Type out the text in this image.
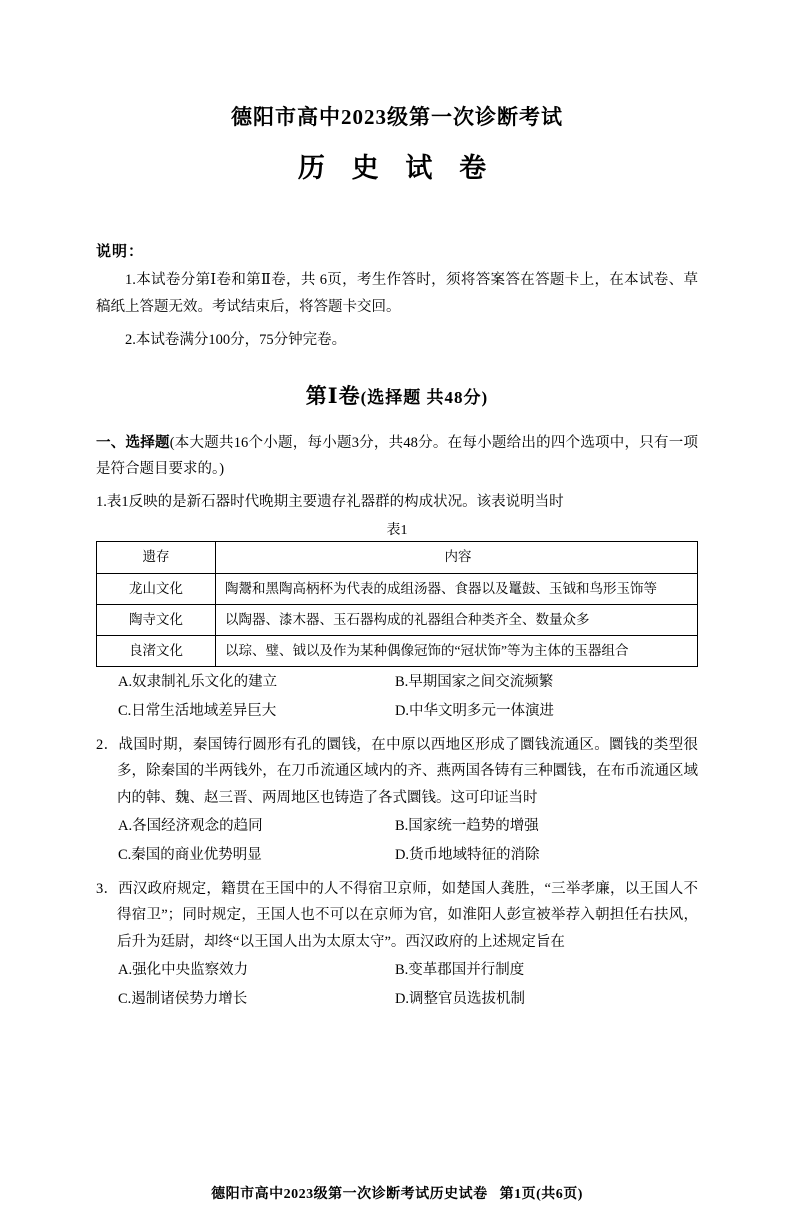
德阳市高中2023级第一次诊断考试
历 史 试 卷
说明：
1.本试卷分第Ⅰ卷和第Ⅱ卷，共 6页，考生作答时，须将答案答在答题卡上，在本试卷、草稿纸上答题无效。考试结束后，将答题卡交回。
2.本试卷满分100分，75分钟完卷。
第Ⅰ卷(选择题 共48分)
一、选择题(本大题共16个小题，每小题3分，共48分。在每小题给出的四个选项中，只有一项是符合题目要求的。)
1.表1反映的是新石器时代晚期主要遗存礼器群的构成状况。该表说明当时
表1
遗存	内容
龙山文化	陶鬶和黑陶高柄杯为代表的成组汤器、食器以及鼍鼓、玉钺和鸟形玉饰等
陶寺文化	以陶器、漆木器、玉石器构成的礼器组合种类齐全、数量众多
良渚文化	以琮、璧、钺以及作为某种偶像冠饰的“冠状饰”等为主体的玉器组合
A.奴隶制礼乐文化的建立	B.早期国家之间交流频繁
C.日常生活地域差异巨大	D.中华文明多元一体演进
2．战国时期，秦国铸行圆形有孔的圜钱，在中原以西地区形成了圜钱流通区。圜钱的类型很多，除秦国的半两钱外，在刀币流通区域内的齐、燕两国各铸有三种圜钱，在布币流通区域内的韩、魏、赵三晋、两周地区也铸造了各式圜钱。这可印证当时
A.各国经济观念的趋同	B.国家统一趋势的增强
C.秦国的商业优势明显	D.货币地域特征的消除
3．西汉政府规定，籍贯在王国中的人不得宿卫京师，如楚国人龚胜，“三举孝廉，以王国人不得宿卫”；同时规定，王国人也不可以在京师为官，如淮阳人彭宣被举荐入朝担任右扶风，后升为廷尉，却终“以王国人出为太原太守”。西汉政府的上述规定旨在
A.强化中央监察效力	B.变革郡国并行制度
C.遏制诸侯势力增长	D.调整官员选拔机制
德阳市高中2023级第一次诊断考试历史试卷 第1页(共6页)
